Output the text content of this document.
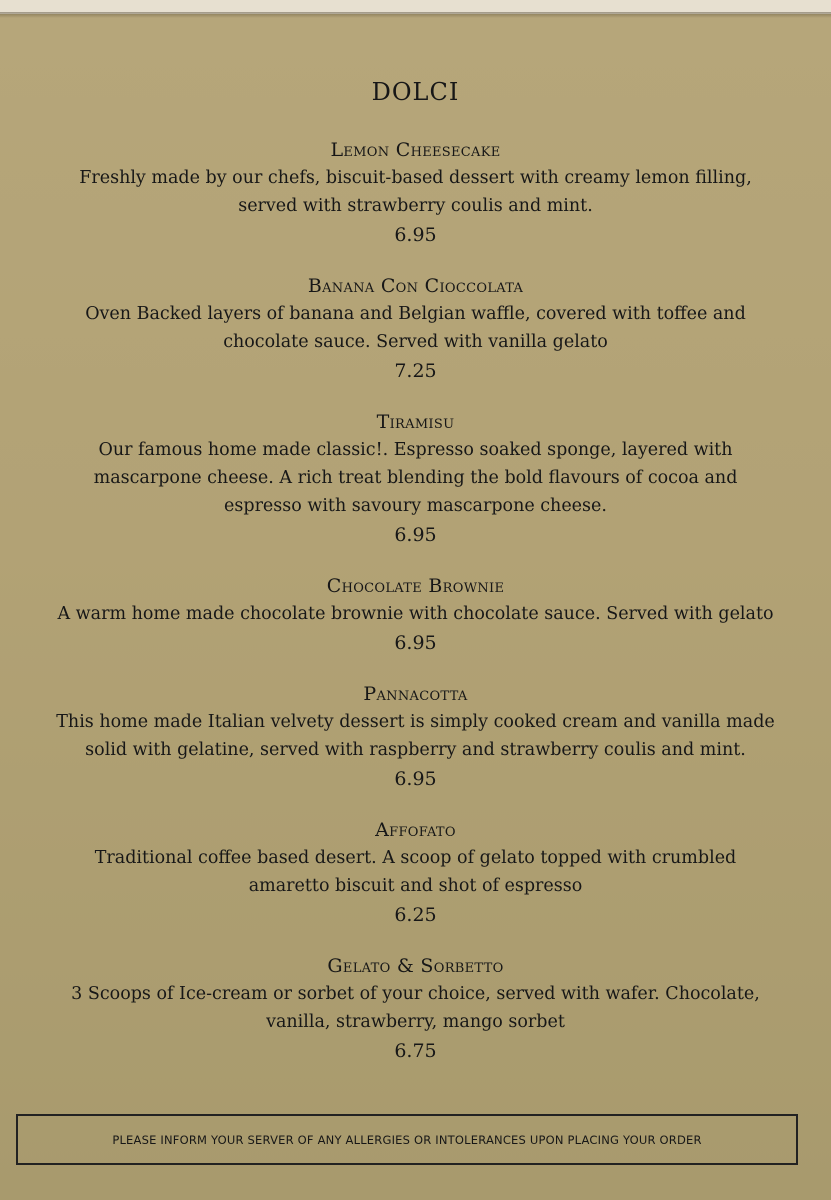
DOLCI
Lemon Cheesecake
Freshly made by our chefs, biscuit-based dessert with creamy lemon filling, served with strawberry coulis and mint.
6.95
Banana Con Cioccolata
Oven Backed layers of banana and Belgian waffle, covered with toffee and chocolate sauce. Served with vanilla gelato
7.25
Tiramisu
Our famous home made classic!. Espresso soaked sponge, layered with mascarpone cheese. A rich treat blending the bold flavours of cocoa and espresso with savoury mascarpone cheese.
6.95
Chocolate Brownie
A warm home made chocolate brownie with chocolate sauce. Served with gelato
6.95
Pannacotta
This home made Italian velvety dessert is simply cooked cream and vanilla made solid with gelatine, served with raspberry and strawberry coulis and mint.
6.95
Affofato
Traditional coffee based desert. A scoop of gelato topped with crumbled amaretto biscuit and shot of espresso
6.25
Gelato & Sorbetto
3 Scoops of Ice-cream or sorbet of your choice, served with wafer. Chocolate, vanilla, strawberry, mango sorbet
6.75
PLEASE INFORM YOUR SERVER OF ANY ALLERGIES OR INTOLERANCES UPON PLACING YOUR ORDER
